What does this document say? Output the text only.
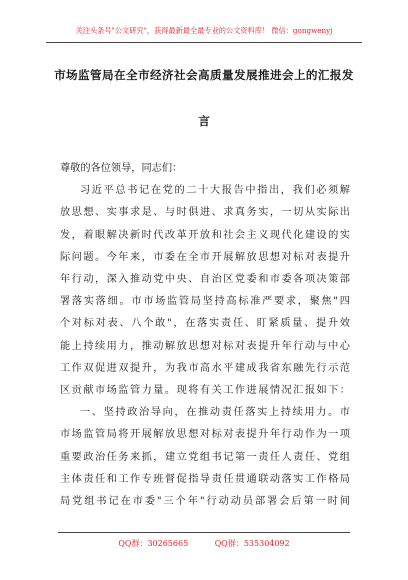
关注头条号"公文研究"，获得最新最全最专业的公文资料库！ 微信：gongwenyj
市场监管局在全市经济社会高质量发展推进会上的汇报发
言
尊敬的各位领导，同志们：
习近平总书记在党的二十大报告中指出，我们必须解
放思想、实事求是、与时俱进、求真务实，一切从实际出
发，着眼解决新时代改革开放和社会主义现代化建设的实
际问题。今年来，市委在全市开展解放思想对标对表提升
年行动，深入推动党中央、自治区党委和市委各项决策部
署落实落细。市市场监管局坚持高标准严要求，聚焦"四
个对标对表、八个敢"，在落实责任、盯紧质量、提升效
能上持续用力，推动解放思想对标对表提升年行动与中心
工作双促进双提升，为我市高水平建成我省东融先行示范
区贡献市场监管力量。现将有关工作进展情况汇报如下：
一、坚持政治导向，在推动责任落实上持续用力。市
市场监管局将开展解放思想对标对表提升年行动作为一项
重要政治任务来抓，建立党组书记第一责任人责任、党组
主体责任和工作专班督促指导责任贯通联动落实工作格局
局党组书记在市委"三个年"行动动员部署会后第一时间
QQ群：30265665	QQ群：535304092
